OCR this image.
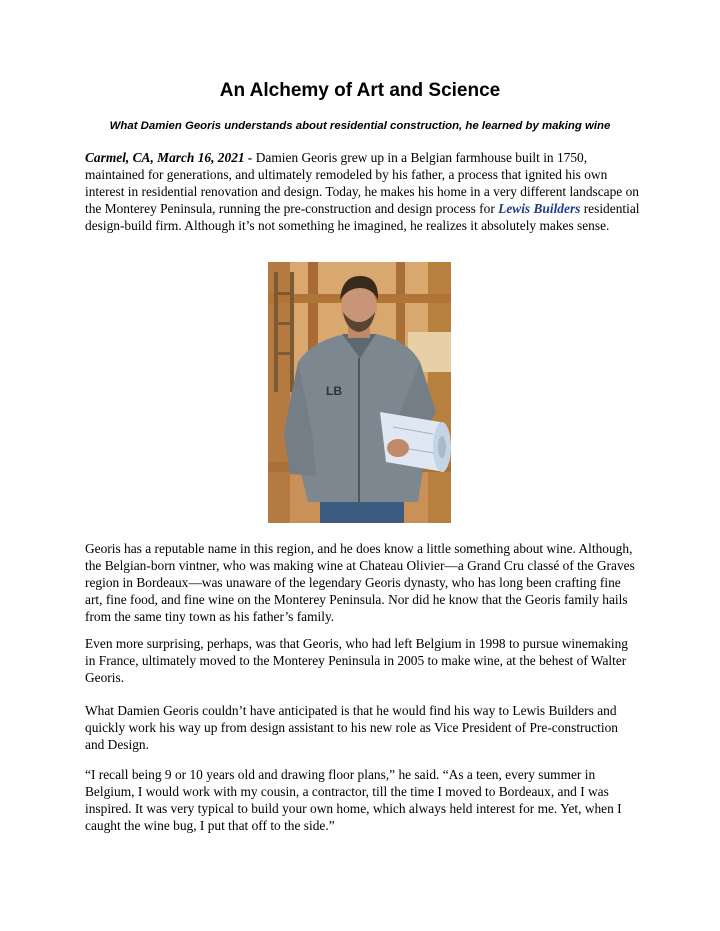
An Alchemy of Art and Science

What Damien Georis understands about residential construction, he learned by making wine

Carmel, CA, March 16, 2021 - Damien Georis grew up in a Belgian farmhouse built in 1750, maintained for generations, and ultimately remodeled by his father, a process that ignited his own interest in residential renovation and design. Today, he makes his home in a very different landscape on the Monterey Peninsula, running the pre-construction and design process for Lewis Builders residential design-build firm. Although it’s not something he imagined, he realizes it absolutely makes sense.

LB

Georis has a reputable name in this region, and he does know a little something about wine. Although, the Belgian-born vintner, who was making wine at Chateau Olivier—a Grand Cru classé of the Graves region in Bordeaux—was unaware of the legendary Georis dynasty, who has long been crafting fine art, fine food, and fine wine on the Monterey Peninsula. Nor did he know that the Georis family hails from the same tiny town as his father’s family.

Even more surprising, perhaps, was that Georis, who had left Belgium in 1998 to pursue winemaking in France, ultimately moved to the Monterey Peninsula in 2005 to make wine, at the behest of Walter Georis.

What Damien Georis couldn’t have anticipated is that he would find his way to Lewis Builders and quickly work his way up from design assistant to his new role as Vice President of Pre-construction and Design.

“I recall being 9 or 10 years old and drawing floor plans,” he said. “As a teen, every summer in Belgium, I would work with my cousin, a contractor, till the time I moved to Bordeaux, and I was inspired. It was very typical to build your own home, which always held interest for me. Yet, when I caught the wine bug, I put that off to the side.”
